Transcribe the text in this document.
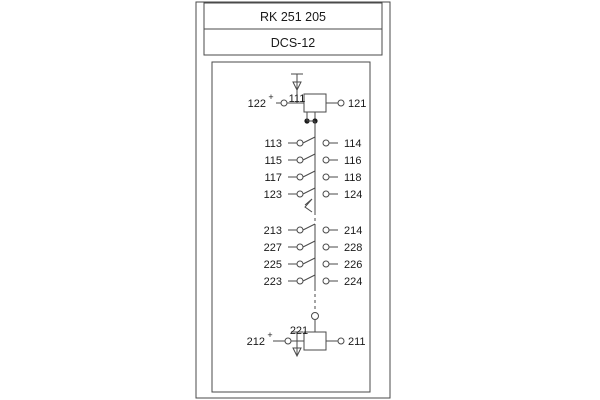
RK 251 205
DCS-12
+ 111
122	121
113	114
115	116
117	118
123	124
213	214
227	228
225	226
223	224
+ 221
212	211
